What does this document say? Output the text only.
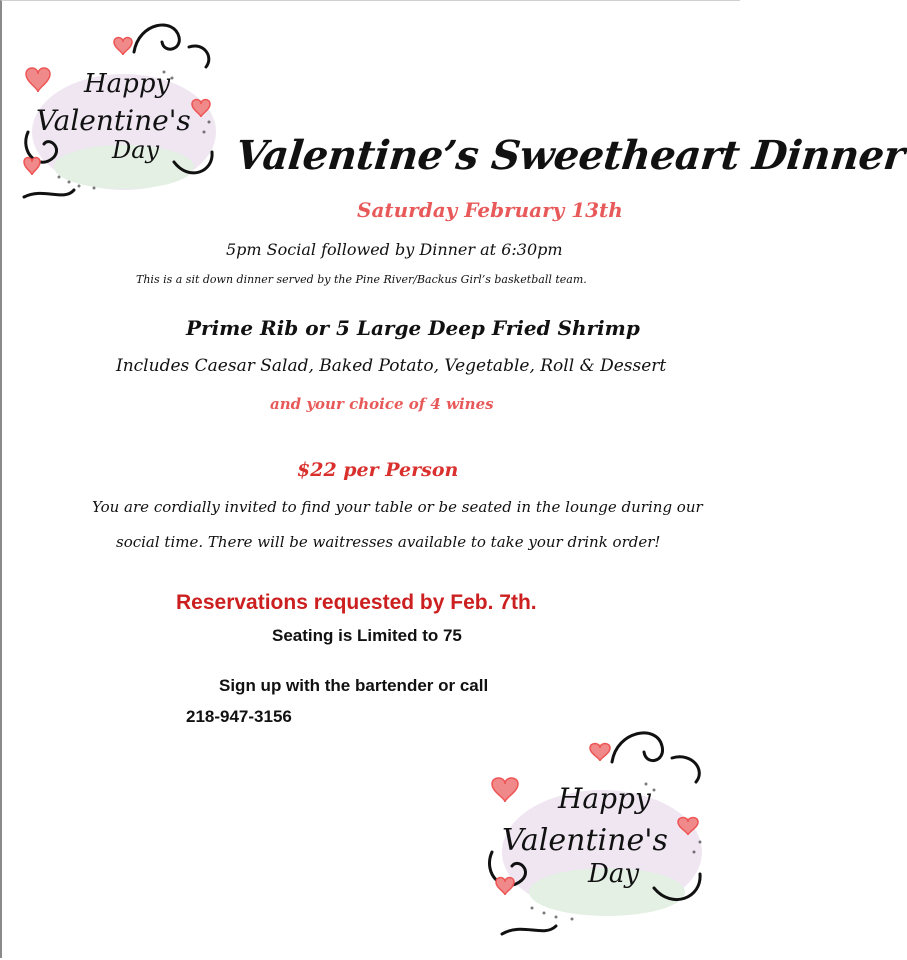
Happy
Valentine's
Day
Happy
Valentine's
Day
Valentine’s Sweetheart Dinner
Saturday February 13th
5pm Social followed by Dinner at 6:30pm
This is a sit down dinner served by the Pine River/Backus Girl’s basketball team.
Prime Rib or 5 Large Deep Fried Shrimp
Includes Caesar Salad, Baked Potato, Vegetable, Roll & Dessert
and your choice of 4 wines
$22 per Person
You are cordially invited to find your table or be seated in the lounge during our
social time. There will be waitresses available to take your drink order!
Reservations requested by Feb. 7th.
Seating is Limited to 75
Sign up with the bartender or call
218-947-3156
